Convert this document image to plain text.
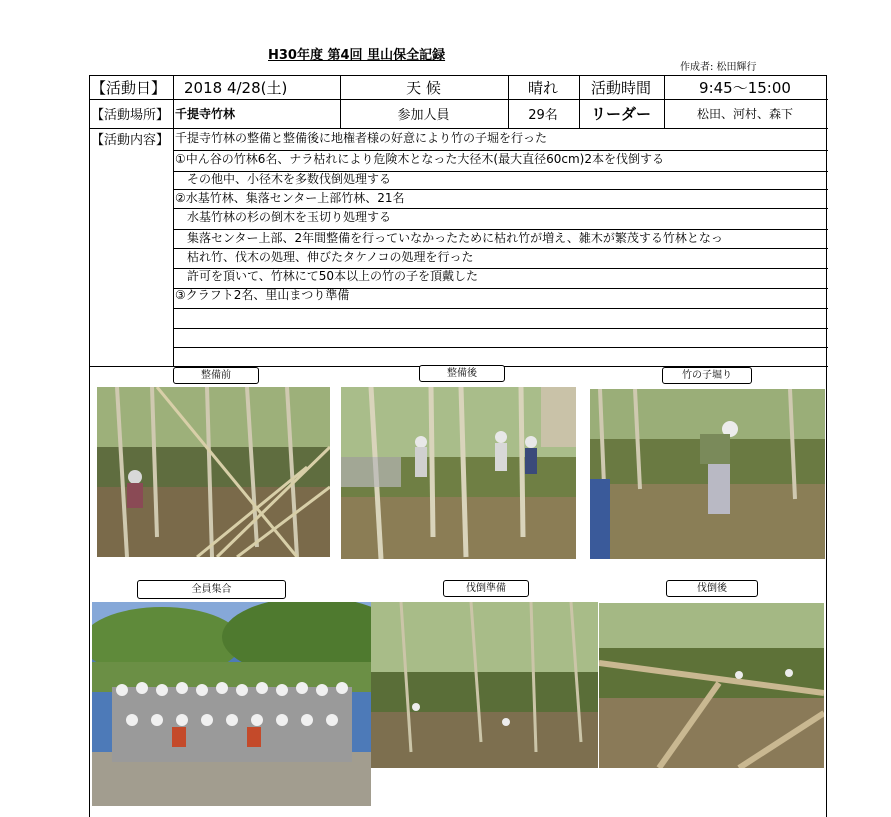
H30年度 第4回 里山保全記録
作成者: 松田輝行
【活動日】	2018 4/28(土)	天 候	晴れ	活動時間	9:45〜15:00
【活動場所】 千提寺竹林	参加人員	29名	リーダー	松田、河村、森下
【活動内容】 千提寺竹林の整備と整備後に地権者様の好意により竹の子堀を行った
①中ん谷の竹林6名、ナラ枯れにより危険木となった大径木(最大直径60cm)2本を伐倒する
　その他中、小径木を多数伐倒処理する
②水基竹林、集落センター上部竹林、21名
　水基竹林の杉の倒木を玉切り処理する
　集落センター上部、2年間整備を行っていなかったために枯れ竹が増え、雑木が繁茂する竹林となっ
　枯れ竹、伐木の処理、伸びたタケノコの処理を行った
　許可を頂いて、竹林にて50本以上の竹の子を頂戴した
③クラフト2名、里山まつり準備
整備前	整備後	竹の子堀り
全員集合	伐倒準備	伐倒後
